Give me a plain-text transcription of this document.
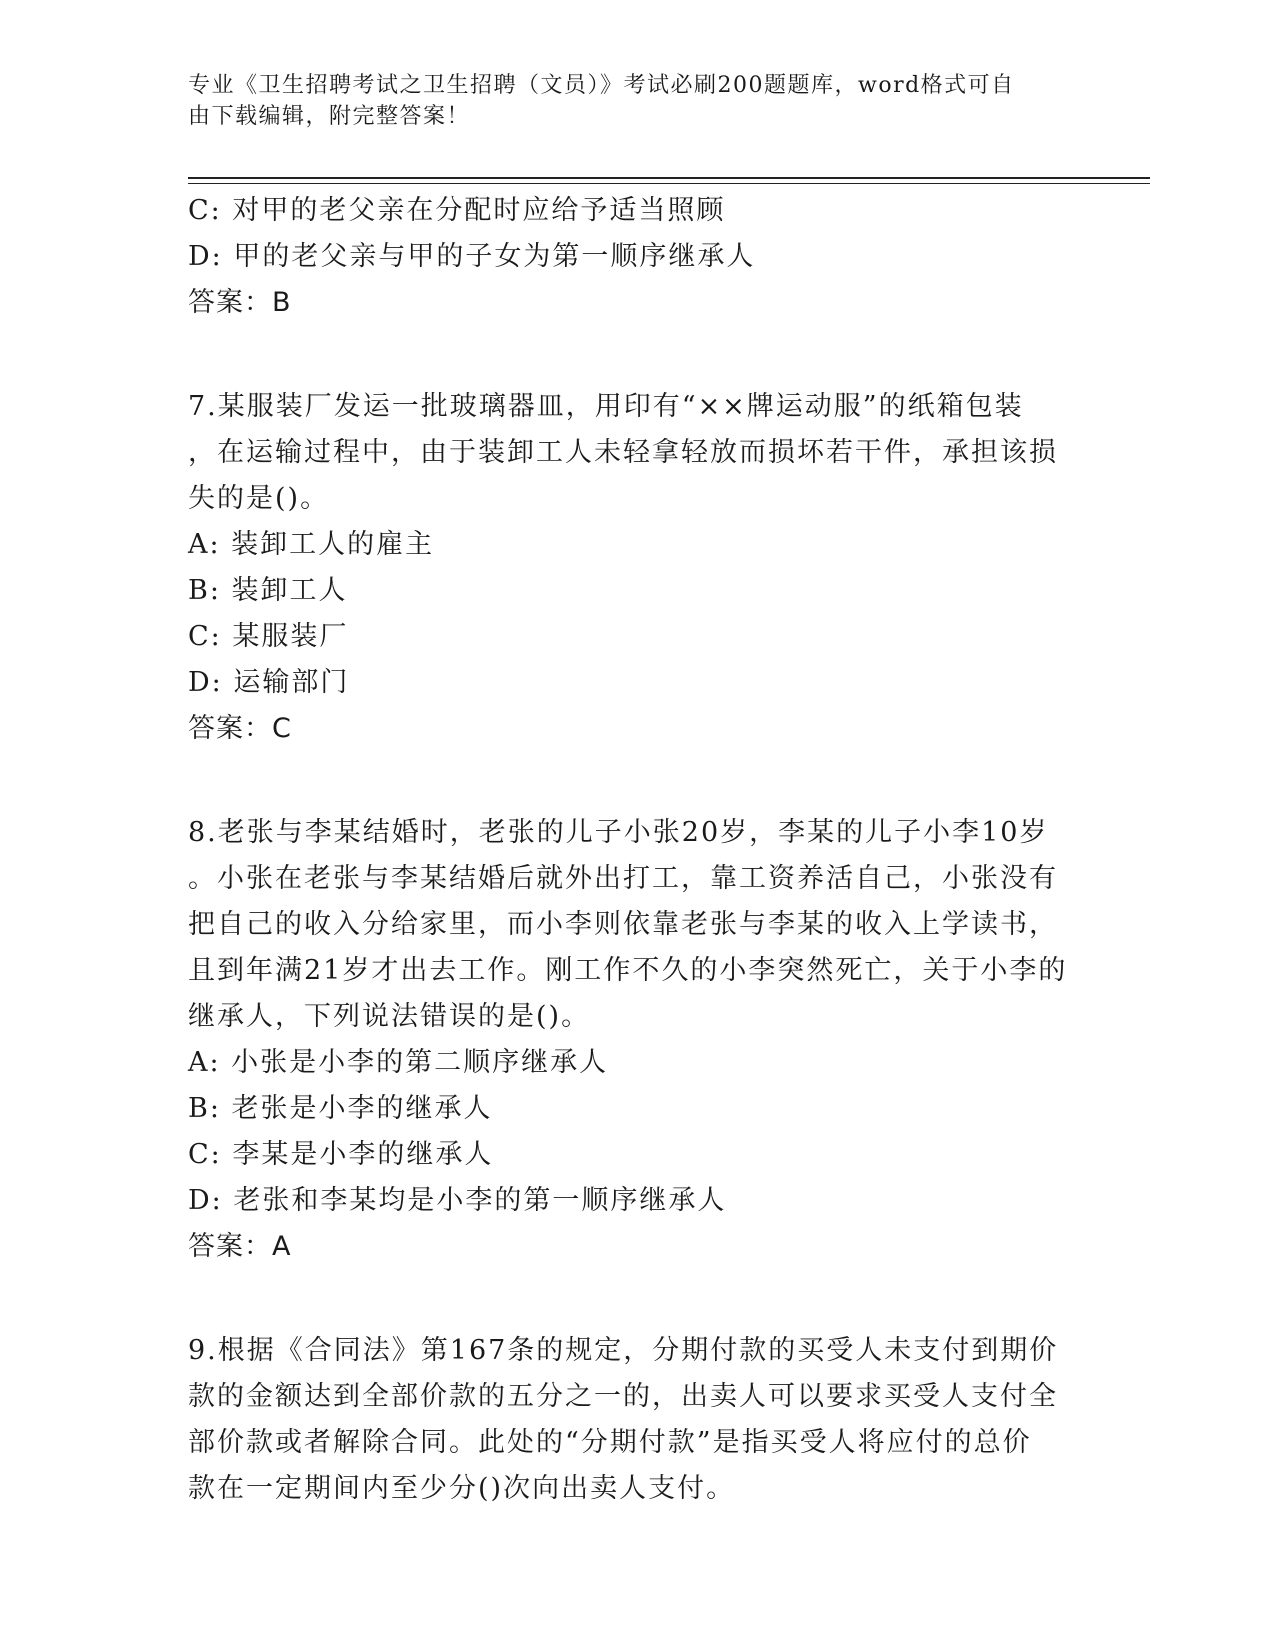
专业《卫生招聘考试之卫生招聘（文员）》考试必刷200题题库，word格式可自
由下载编辑，附完整答案！
C: 对甲的老父亲在分配时应给予适当照顾
D: 甲的老父亲与甲的子女为第一顺序继承人
答案：B
7.某服装厂发运一批玻璃器皿，用印有“××牌运动服”的纸箱包装
，在运输过程中，由于装卸工人未轻拿轻放而损坏若干件，承担该损
失的是()。
A: 装卸工人的雇主
B: 装卸工人
C: 某服装厂
D: 运输部门
答案：C
8.老张与李某结婚时，老张的儿子小张20岁，李某的儿子小李10岁
。小张在老张与李某结婚后就外出打工，靠工资养活自己，小张没有
把自己的收入分给家里，而小李则依靠老张与李某的收入上学读书，
且到年满21岁才出去工作。刚工作不久的小李突然死亡，关于小李的
继承人，下列说法错误的是()。
A: 小张是小李的第二顺序继承人
B: 老张是小李的继承人
C: 李某是小李的继承人
D: 老张和李某均是小李的第一顺序继承人
答案：A
9.根据《合同法》第167条的规定，分期付款的买受人未支付到期价
款的金额达到全部价款的五分之一的，出卖人可以要求买受人支付全
部价款或者解除合同。此处的“分期付款”是指买受人将应付的总价
款在一定期间内至少分()次向出卖人支付。
